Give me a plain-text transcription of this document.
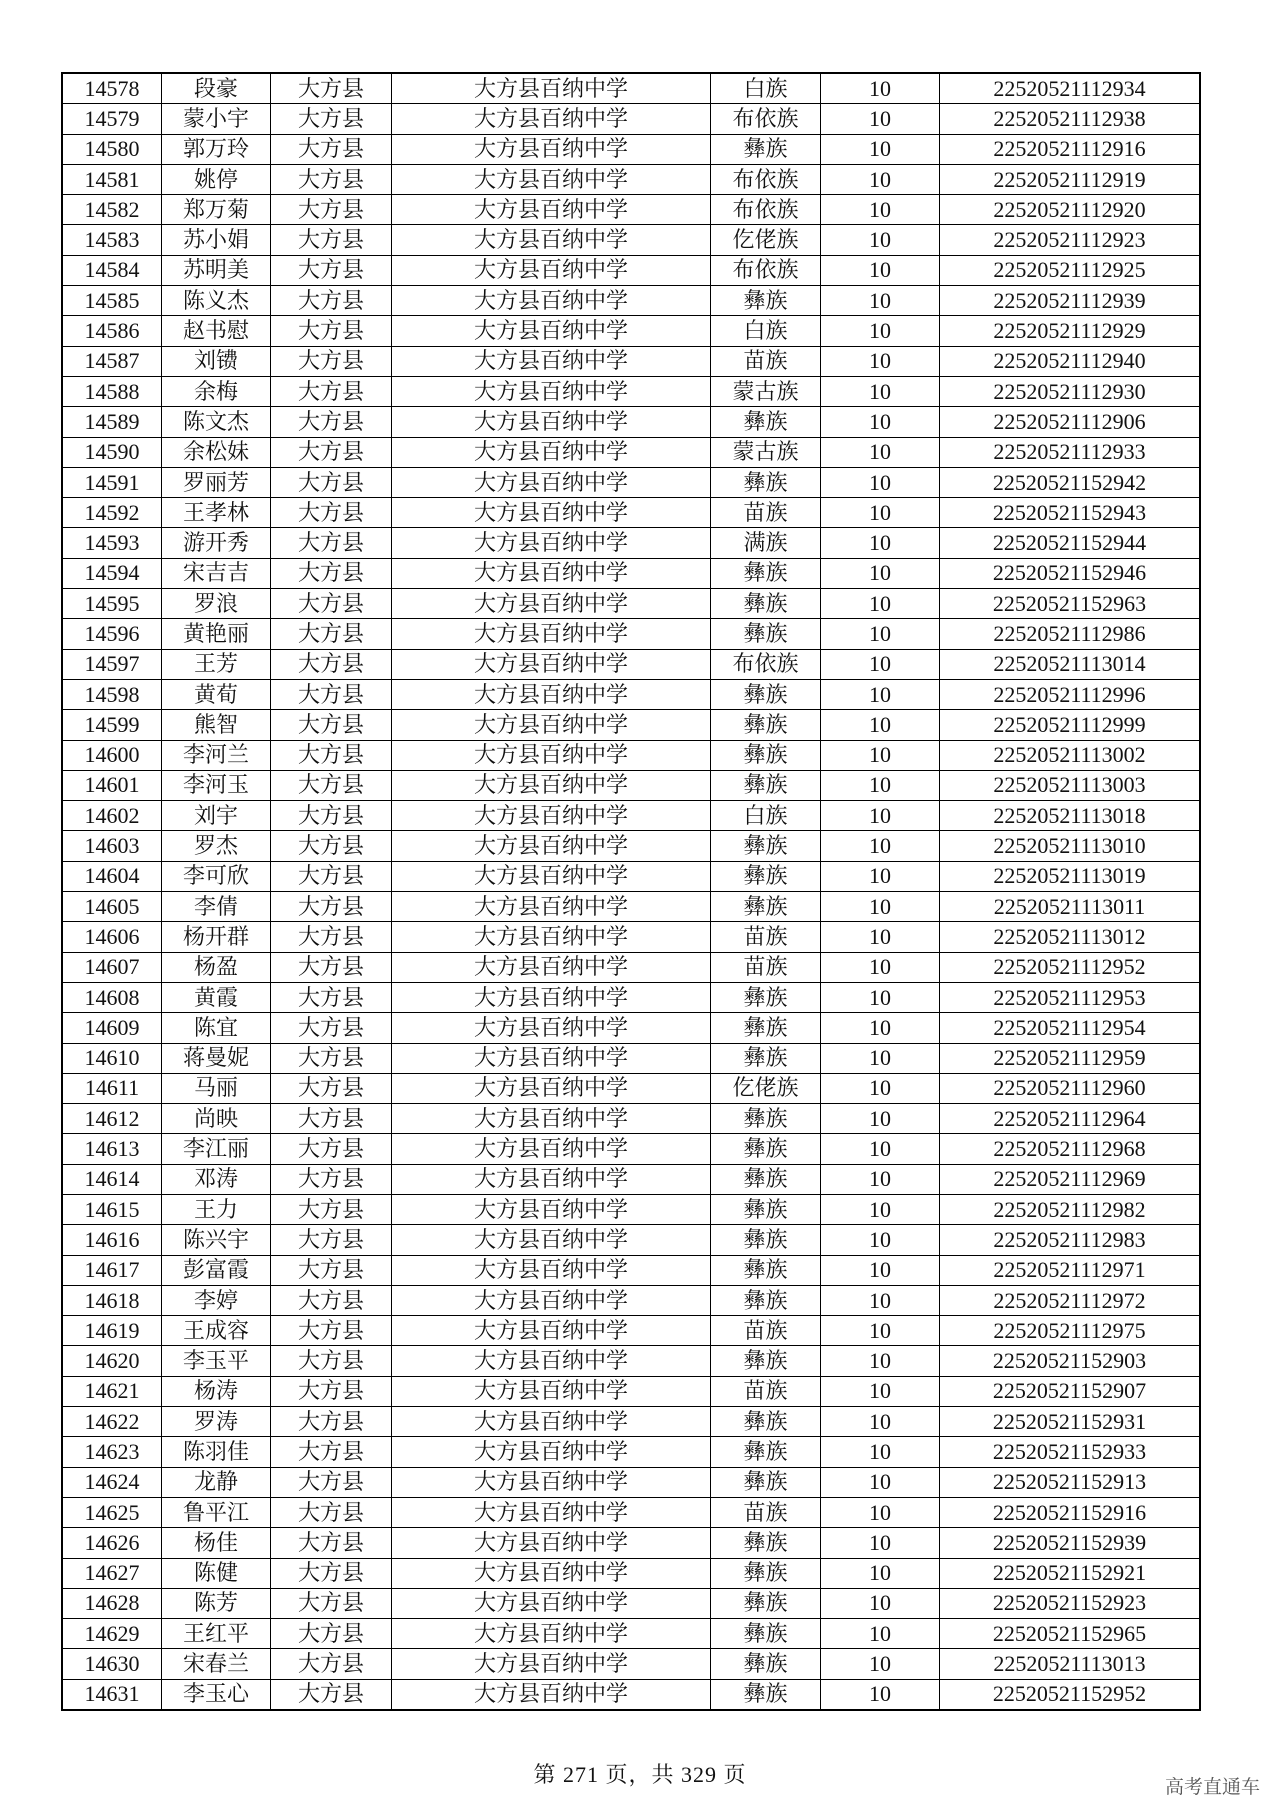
14578	段豪	大方县	大方县百纳中学	白族	10	22520521112934
14579	蒙小宇	大方县	大方县百纳中学	布依族	10	22520521112938
14580	郭万玲	大方县	大方县百纳中学	彝族	10	22520521112916
14581	姚停	大方县	大方县百纳中学	布依族	10	22520521112919
14582	郑万菊	大方县	大方县百纳中学	布依族	10	22520521112920
14583	苏小娟	大方县	大方县百纳中学	仡佬族	10	22520521112923
14584	苏明美	大方县	大方县百纳中学	布依族	10	22520521112925
14585	陈义杰	大方县	大方县百纳中学	彝族	10	22520521112939
14586	赵书慰	大方县	大方县百纳中学	白族	10	22520521112929
14587	刘镄	大方县	大方县百纳中学	苗族	10	22520521112940
14588	余梅	大方县	大方县百纳中学	蒙古族	10	22520521112930
14589	陈文杰	大方县	大方县百纳中学	彝族	10	22520521112906
14590	余松妹	大方县	大方县百纳中学	蒙古族	10	22520521112933
14591	罗丽芳	大方县	大方县百纳中学	彝族	10	22520521152942
14592	王孝林	大方县	大方县百纳中学	苗族	10	22520521152943
14593	游开秀	大方县	大方县百纳中学	满族	10	22520521152944
14594	宋吉吉	大方县	大方县百纳中学	彝族	10	22520521152946
14595	罗浪	大方县	大方县百纳中学	彝族	10	22520521152963
14596	黄艳丽	大方县	大方县百纳中学	彝族	10	22520521112986
14597	王芳	大方县	大方县百纳中学	布依族	10	22520521113014
14598	黄荀	大方县	大方县百纳中学	彝族	10	22520521112996
14599	熊智	大方县	大方县百纳中学	彝族	10	22520521112999
14600	李河兰	大方县	大方县百纳中学	彝族	10	22520521113002
14601	李河玉	大方县	大方县百纳中学	彝族	10	22520521113003
14602	刘宇	大方县	大方县百纳中学	白族	10	22520521113018
14603	罗杰	大方县	大方县百纳中学	彝族	10	22520521113010
14604	李可欣	大方县	大方县百纳中学	彝族	10	22520521113019
14605	李倩	大方县	大方县百纳中学	彝族	10	22520521113011
14606	杨开群	大方县	大方县百纳中学	苗族	10	22520521113012
14607	杨盈	大方县	大方县百纳中学	苗族	10	22520521112952
14608	黄霞	大方县	大方县百纳中学	彝族	10	22520521112953
14609	陈宜	大方县	大方县百纳中学	彝族	10	22520521112954
14610	蒋曼妮	大方县	大方县百纳中学	彝族	10	22520521112959
14611	马丽	大方县	大方县百纳中学	仡佬族	10	22520521112960
14612	尚映	大方县	大方县百纳中学	彝族	10	22520521112964
14613	李江丽	大方县	大方县百纳中学	彝族	10	22520521112968
14614	邓涛	大方县	大方县百纳中学	彝族	10	22520521112969
14615	王力	大方县	大方县百纳中学	彝族	10	22520521112982
14616	陈兴宇	大方县	大方县百纳中学	彝族	10	22520521112983
14617	彭富霞	大方县	大方县百纳中学	彝族	10	22520521112971
14618	李婷	大方县	大方县百纳中学	彝族	10	22520521112972
14619	王成容	大方县	大方县百纳中学	苗族	10	22520521112975
14620	李玉平	大方县	大方县百纳中学	彝族	10	22520521152903
14621	杨涛	大方县	大方县百纳中学	苗族	10	22520521152907
14622	罗涛	大方县	大方县百纳中学	彝族	10	22520521152931
14623	陈羽佳	大方县	大方县百纳中学	彝族	10	22520521152933
14624	龙静	大方县	大方县百纳中学	彝族	10	22520521152913
14625	鲁平江	大方县	大方县百纳中学	苗族	10	22520521152916
14626	杨佳	大方县	大方县百纳中学	彝族	10	22520521152939
14627	陈健	大方县	大方县百纳中学	彝族	10	22520521152921
14628	陈芳	大方县	大方县百纳中学	彝族	10	22520521152923
14629	王红平	大方县	大方县百纳中学	彝族	10	22520521152965
14630	宋春兰	大方县	大方县百纳中学	彝族	10	22520521113013
14631	李玉心	大方县	大方县百纳中学	彝族	10	22520521152952
第 271 页，共 329 页	高考直通车
